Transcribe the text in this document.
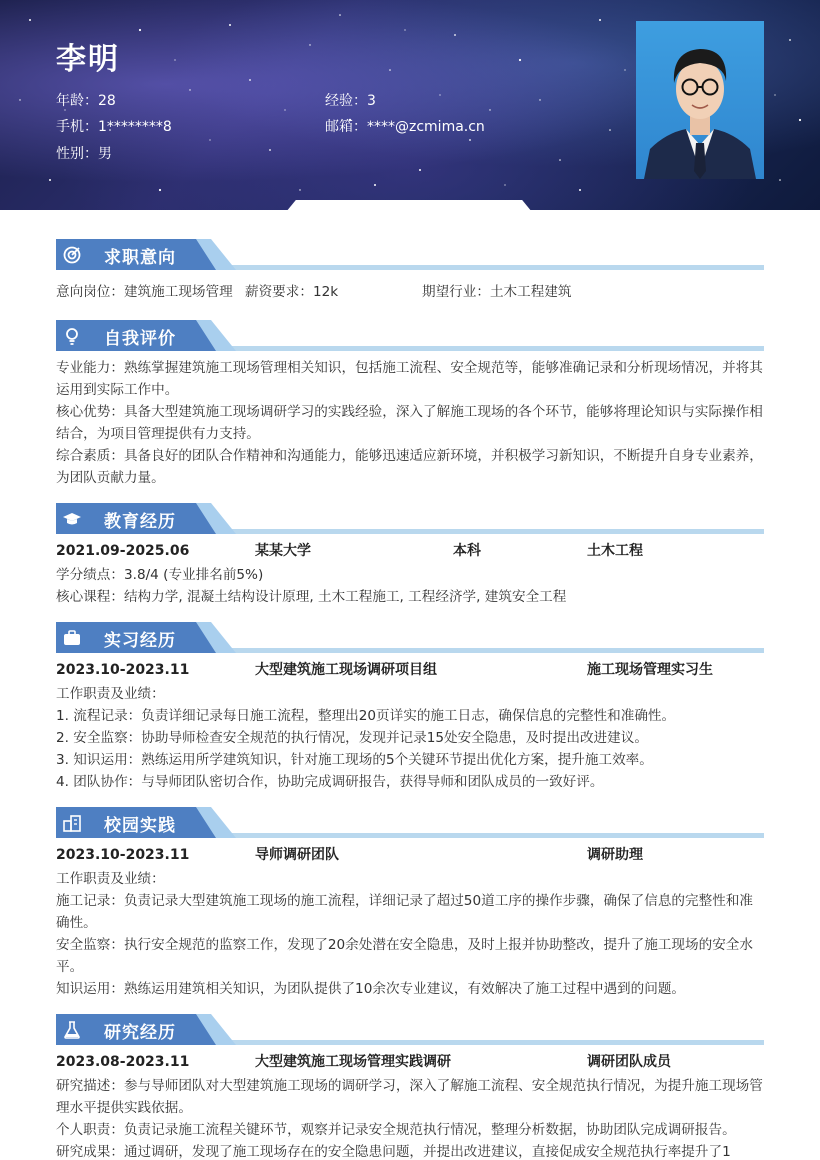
李明
年龄：28	经验：3
手机：1********8	邮箱：****@zcmima.cn
性别：男
求职意向
意向岗位：建筑施工现场管理 薪资要求：12k	期望行业：土木工程建筑
自我评价
专业能力：熟练掌握建筑施工现场管理相关知识，包括施工流程、安全规范等，能够准确记录和分析现场情况，并将其运用到实际工作中。
核心优势：具备大型建筑施工现场调研学习的实践经验，深入了解施工现场的各个环节，能够将理论知识与实际操作相结合，为项目管理提供有力支持。
综合素质：具备良好的团队合作精神和沟通能力，能够迅速适应新环境，并积极学习新知识，不断提升自身专业素养，为团队贡献力量。
教育经历
2021.09-2025.06	某某大学	本科	土木工程
学分绩点：3.8/4 (专业排名前5%)
核心课程：结构力学, 混凝土结构设计原理, 土木工程施工, 工程经济学, 建筑安全工程
实习经历
2023.10-2023.11	大型建筑施工现场调研项目组	施工现场管理实习生
工作职责及业绩：
1. 流程记录：负责详细记录每日施工流程，整理出20页详实的施工日志，确保信息的完整性和准确性。
2. 安全监察：协助导师检查安全规范的执行情况，发现并记录15处安全隐患，及时提出改进建议。
3. 知识运用：熟练运用所学建筑知识，针对施工现场的5个关键环节提出优化方案，提升施工效率。
4. 团队协作：与导师团队密切合作，协助完成调研报告，获得导师和团队成员的一致好评。
校园实践
2023.10-2023.11	导师调研团队	调研助理
工作职责及业绩：
施工记录：负责记录大型建筑施工现场的施工流程，详细记录了超过50道工序的操作步骤，确保了信息的完整性和准确性。
安全监察：执行安全规范的监察工作，发现了20余处潜在安全隐患，及时上报并协助整改，提升了施工现场的安全水平。
知识运用：熟练运用建筑相关知识，为团队提供了10余次专业建议，有效解决了施工过程中遇到的问题。
研究经历
2023.08-2023.11	大型建筑施工现场管理实践调研	调研团队成员
研究描述：参与导师团队对大型建筑施工现场的调研学习，深入了解施工流程、安全规范执行情况，为提升施工现场管理水平提供实践依据。
个人职责：负责记录施工流程关键环节，观察并记录安全规范执行情况，整理分析数据，协助团队完成调研报告。
研究成果：通过调研，发现了施工现场存在的安全隐患问题，并提出改进建议，直接促成安全规范执行率提升了1
